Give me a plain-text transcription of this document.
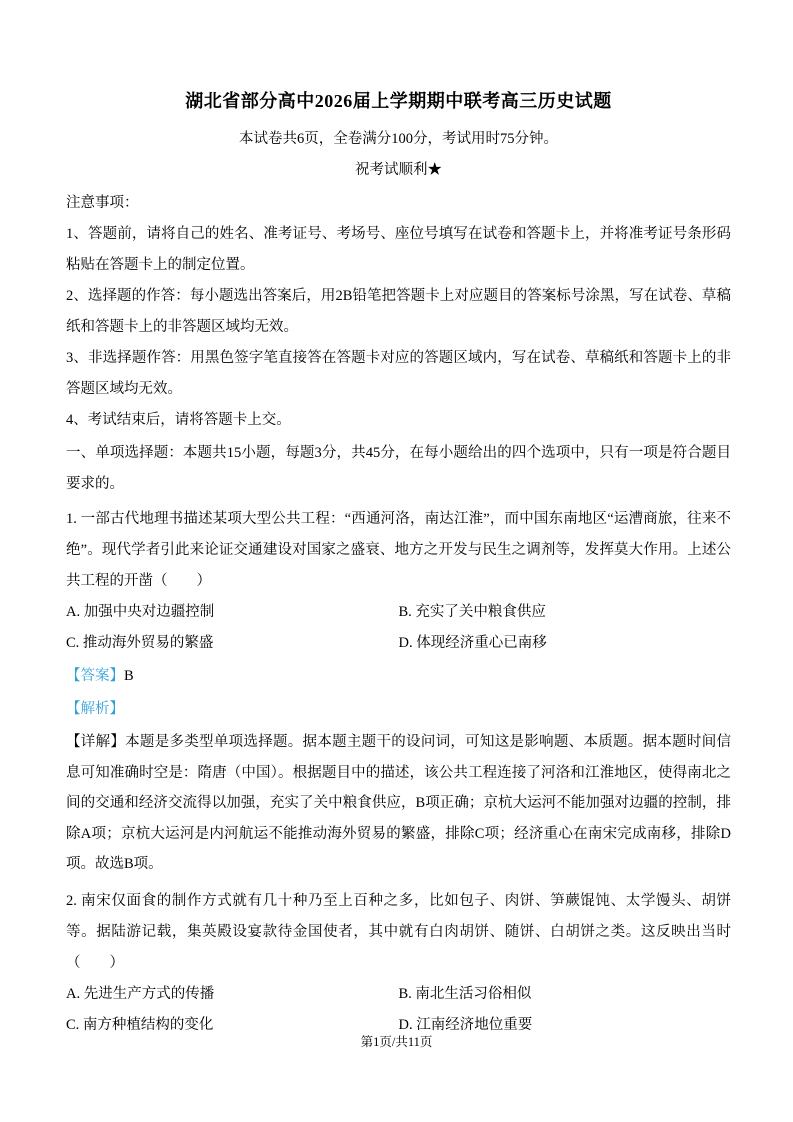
湖北省部分高中2026届上学期期中联考高三历史试题

本试卷共6页，全卷满分100分，考试用时75分钟。

祝考试顺利★

注意事项：

1、答题前，请将自己的姓名、准考证号、考场号、座位号填写在试卷和答题卡上，并将准考证号条形码粘贴在答题卡上的制定位置。

2、选择题的作答：每小题选出答案后，用2B铅笔把答题卡上对应题目的答案标号涂黑，写在试卷、草稿纸和答题卡上的非答题区域均无效。

3、非选择题作答：用黑色签字笔直接答在答题卡对应的答题区域内，写在试卷、草稿纸和答题卡上的非答题区域均无效。

4、考试结束后，请将答题卡上交。

一、单项选择题：本题共15小题，每题3分，共45分，在每小题给出的四个选项中，只有一项是符合题目要求的。

1. 一部古代地理书描述某项大型公共工程：“西通河洛，南达江淮”，而中国东南地区“运漕商旅，往来不绝”。现代学者引此来论证交通建设对国家之盛衰、地方之开发与民生之调剂等，发挥莫大作用。上述公共工程的开凿（　　）

A. 加强中央对边疆控制	B. 充实了关中粮食供应
C. 推动海外贸易的繁盛	D. 体现经济重心已南移

【答案】B

【解析】

【详解】本题是多类型单项选择题。据本题主题干的设问词，可知这是影响题、本质题。据本题时间信息可知准确时空是：隋唐（中国）。根据题目中的描述，该公共工程连接了河洛和江淮地区，使得南北之间的交通和经济交流得以加强，充实了关中粮食供应，B项正确；京杭大运河不能加强对边疆的控制，排除A项；京杭大运河是内河航运不能推动海外贸易的繁盛，排除C项；经济重心在南宋完成南移，排除D项。故选B项。

2. 南宋仅面食的制作方式就有几十种乃至上百种之多，比如包子、肉饼、笋蕨馄饨、太学馒头、胡饼等。据陆游记载，集英殿设宴款待金国使者，其中就有白肉胡饼、随饼、白胡饼之类。这反映出当时（　　）

A. 先进生产方式的传播	B. 南北生活习俗相似
C. 南方种植结构的变化	D. 江南经济地位重要
第1页/共11页
